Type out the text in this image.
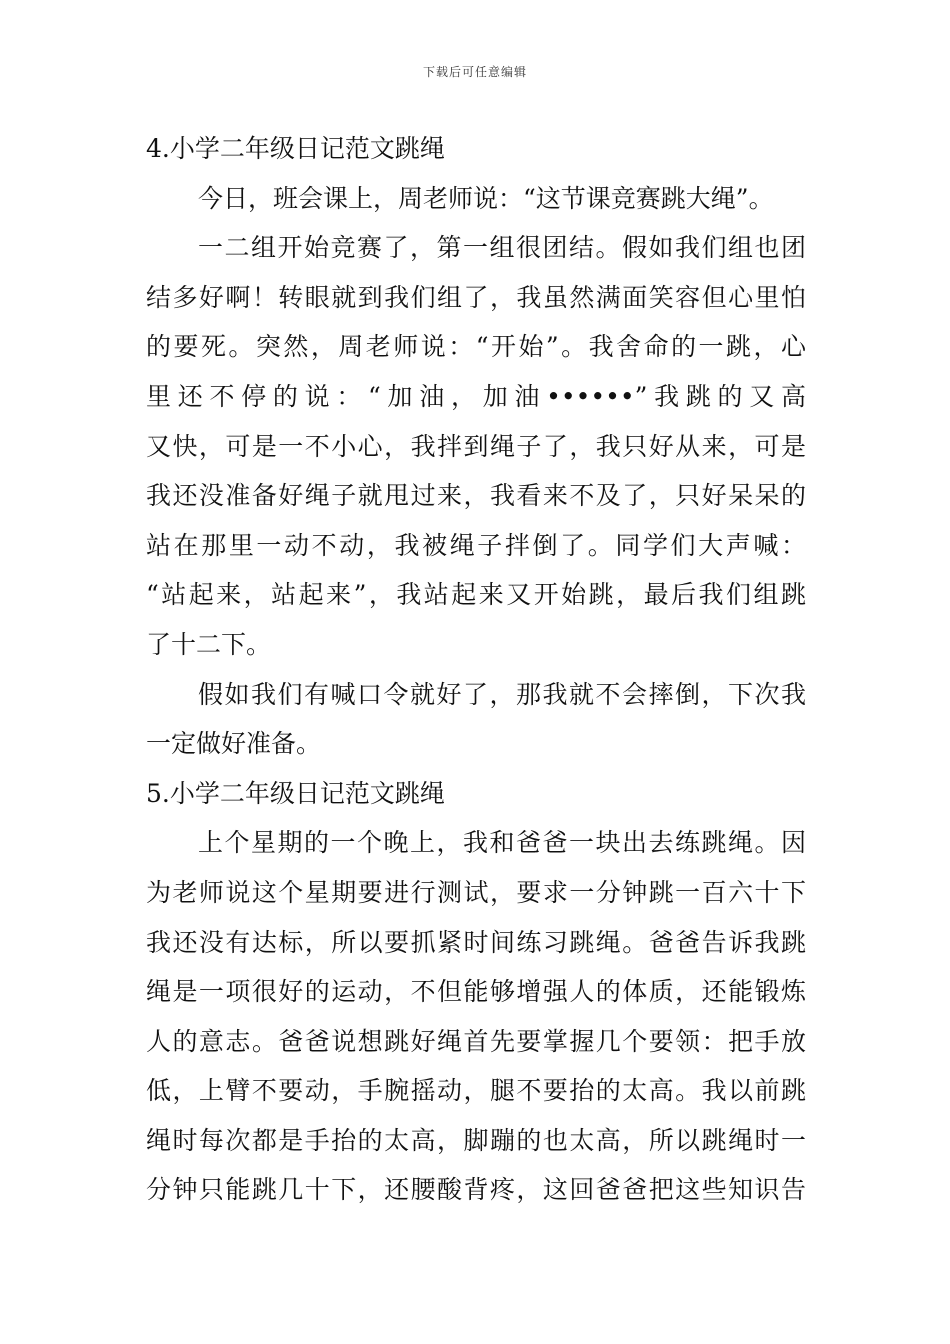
下载后可任意编辑
4.小学二年级日记范文跳绳
今日，班会课上，周老师说：“这节课竞赛跳大绳”。
一二组开始竞赛了，第一组很团结。假如我们组也团
结多好啊！转眼就到我们组了，我虽然满面笑容但心里怕
的要死。突然，周老师说：“开始”。我舍命的一跳，心
里还不停的说：“加油，加油••••••”我跳的又高
又快，可是一不小心，我拌到绳子了，我只好从来，可是
我还没准备好绳子就甩过来，我看来不及了，只好呆呆的
站在那里一动不动，我被绳子拌倒了。同学们大声喊：
“站起来，站起来”，我站起来又开始跳，最后我们组跳
了十二下。
假如我们有喊口令就好了，那我就不会摔倒，下次我
一定做好准备。
5.小学二年级日记范文跳绳
上个星期的一个晚上，我和爸爸一块出去练跳绳。因
为老师说这个星期要进行测试，要求一分钟跳一百六十下
我还没有达标，所以要抓紧时间练习跳绳。爸爸告诉我跳
绳是一项很好的运动，不但能够增强人的体质，还能锻炼
人的意志。爸爸说想跳好绳首先要掌握几个要领：把手放
低，上臂不要动，手腕摇动，腿不要抬的太高。我以前跳
绳时每次都是手抬的太高，脚蹦的也太高，所以跳绳时一
分钟只能跳几十下，还腰酸背疼，这回爸爸把这些知识告
